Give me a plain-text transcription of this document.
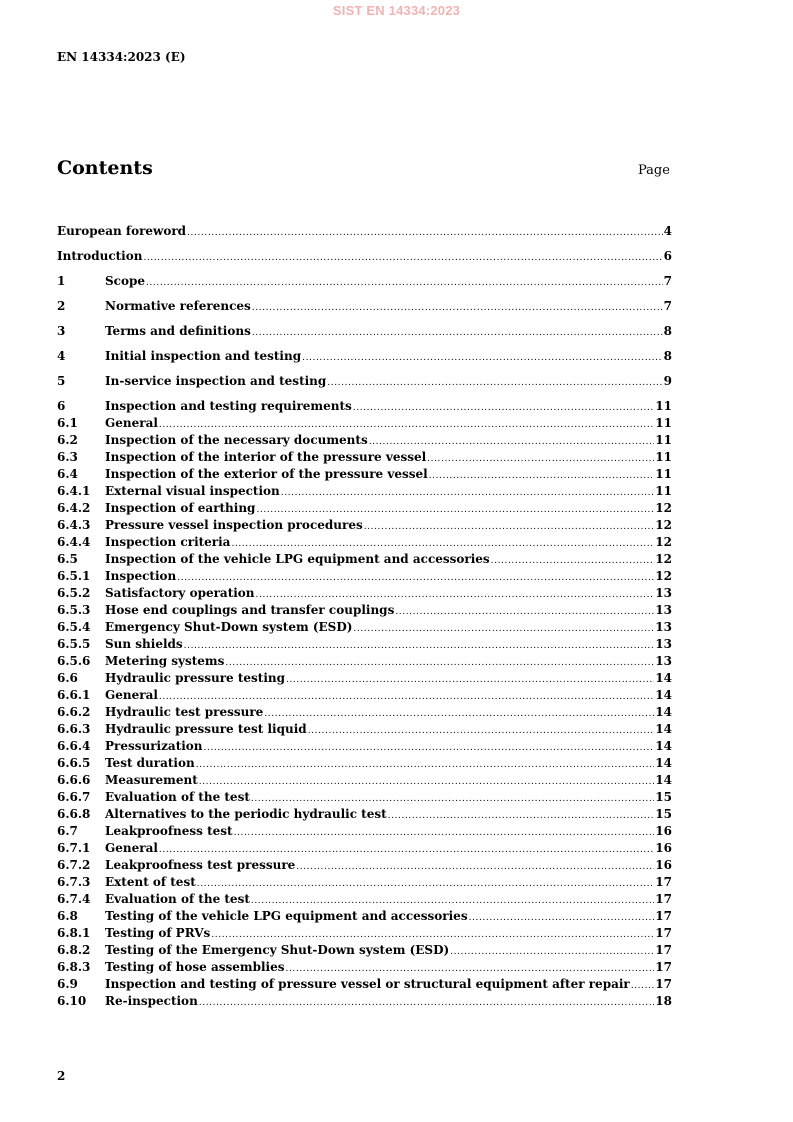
SIST EN 14334:2023
EN 14334:2023 (E)
Contents	Page
European foreword .....	4
Introduction .....	6
1	Scope .....	7
2	Normative references .....	7
3	Terms and definitions .....	8
4	Initial inspection and testing .....	8
5	In-service inspection and testing .....	9
6	Inspection and testing requirements .....	11
6.1	General .....	11
6.2	Inspection of the necessary documents .....	11
6.3	Inspection of the interior of the pressure vessel .....	11
6.4	Inspection of the exterior of the pressure vessel .....	11
6.4.1	External visual inspection .....	11
6.4.2	Inspection of earthing .....	12
6.4.3	Pressure vessel inspection procedures .....	12
6.4.4	Inspection criteria .....	12
6.5	Inspection of the vehicle LPG equipment and accessories .....	12
6.5.1	Inspection .....	12
6.5.2	Satisfactory operation .....	13
6.5.3	Hose end couplings and transfer couplings .....	13
6.5.4	Emergency Shut-Down system (ESD) .....	13
6.5.5	Sun shields .....	13
6.5.6	Metering systems .....	13
6.6	Hydraulic pressure testing .....	14
6.6.1	General .....	14
6.6.2	Hydraulic test pressure .....	14
6.6.3	Hydraulic pressure test liquid .....	14
6.6.4	Pressurization .....	14
6.6.5	Test duration .....	14
6.6.6	Measurement .....	14
6.6.7	Evaluation of the test .....	15
6.6.8	Alternatives to the periodic hydraulic test .....	15
6.7	Leakproofness test .....	16
6.7.1	General .....	16
6.7.2	Leakproofness test pressure .....	16
6.7.3	Extent of test .....	17
6.7.4	Evaluation of the test .....	17
6.8	Testing of the vehicle LPG equipment and accessories .....	17
6.8.1	Testing of PRVs .....	17
6.8.2	Testing of the Emergency Shut-Down system (ESD) .....	17
6.8.3	Testing of hose assemblies .....	17
6.9	Inspection and testing of pressure vessel or structural equipment after repair ..... 17
6.10	Re-inspection .....	18
2
